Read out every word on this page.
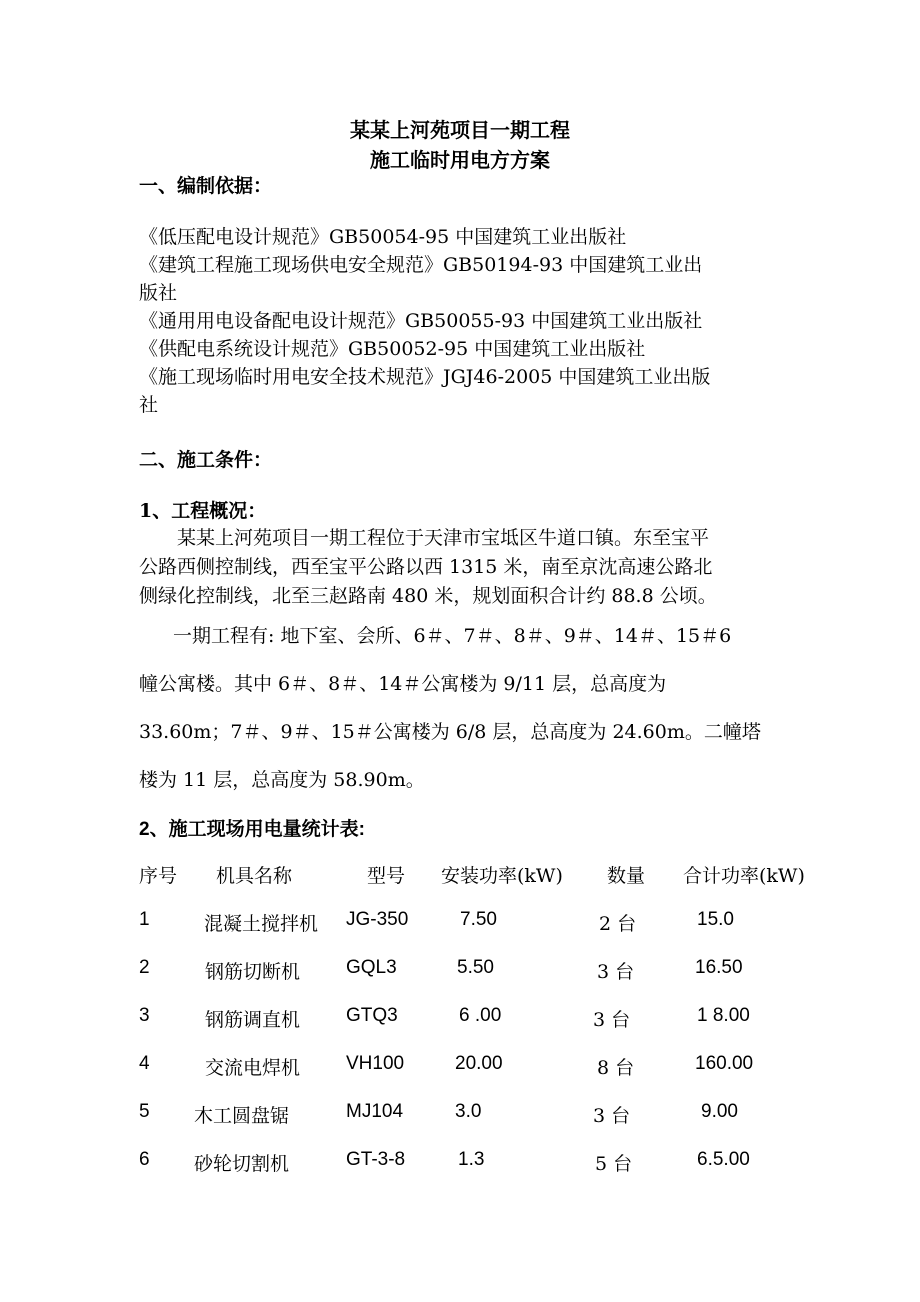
某某上河苑项目一期工程
施工临时用电方方案
一、编制依据：
《低压配电设计规范》GB50054-95 中国建筑工业出版社
《建筑工程施工现场供电安全规范》GB50194-93 中国建筑工业出
版社
《通用用电设备配电设计规范》GB50055-93 中国建筑工业出版社
《供配电系统设计规范》GB50052-95 中国建筑工业出版社
《施工现场临时用电安全技术规范》JGJ46-2005 中国建筑工业出版
社
二、施工条件：
1、工程概况：
某某上河苑项目一期工程位于天津市宝坻区牛道口镇。东至宝平
公路西侧控制线，西至宝平公路以西 1315 米，南至京沈高速公路北
侧绿化控制线，北至三赵路南 480 米，规划面积合计约 88.8 公顷。
一期工程有: 地下室、会所、6＃、7＃、8＃、9＃、14＃、15＃6
幢公寓楼。其中 6＃、8＃、14＃公寓楼为 9/11 层，总高度为
33.60m；7＃、9＃、15＃公寓楼为 6/8 层，总高度为 24.60m。二幢塔
楼为 11 层，总高度为 58.90m。
2、施工现场用电量统计表:
序号 机具名称	型号 安装功率(kW) 数量 合计功率(kW)
1	混凝土搅拌机 JG-350	7.50	2 台	15.0
2	钢筋切断机 GQL3	5.50	3 台	16.50
3	钢筋调直机 GTQ3	6 .00	3 台	1 8.00
4	交流电焊机 VH100	20.00	8 台	160.00
5 木工圆盘锯	MJ104	3.0	3 台	9.00
6 砂轮切割机	GT-3-8	1.3	5 台	6.5.00
